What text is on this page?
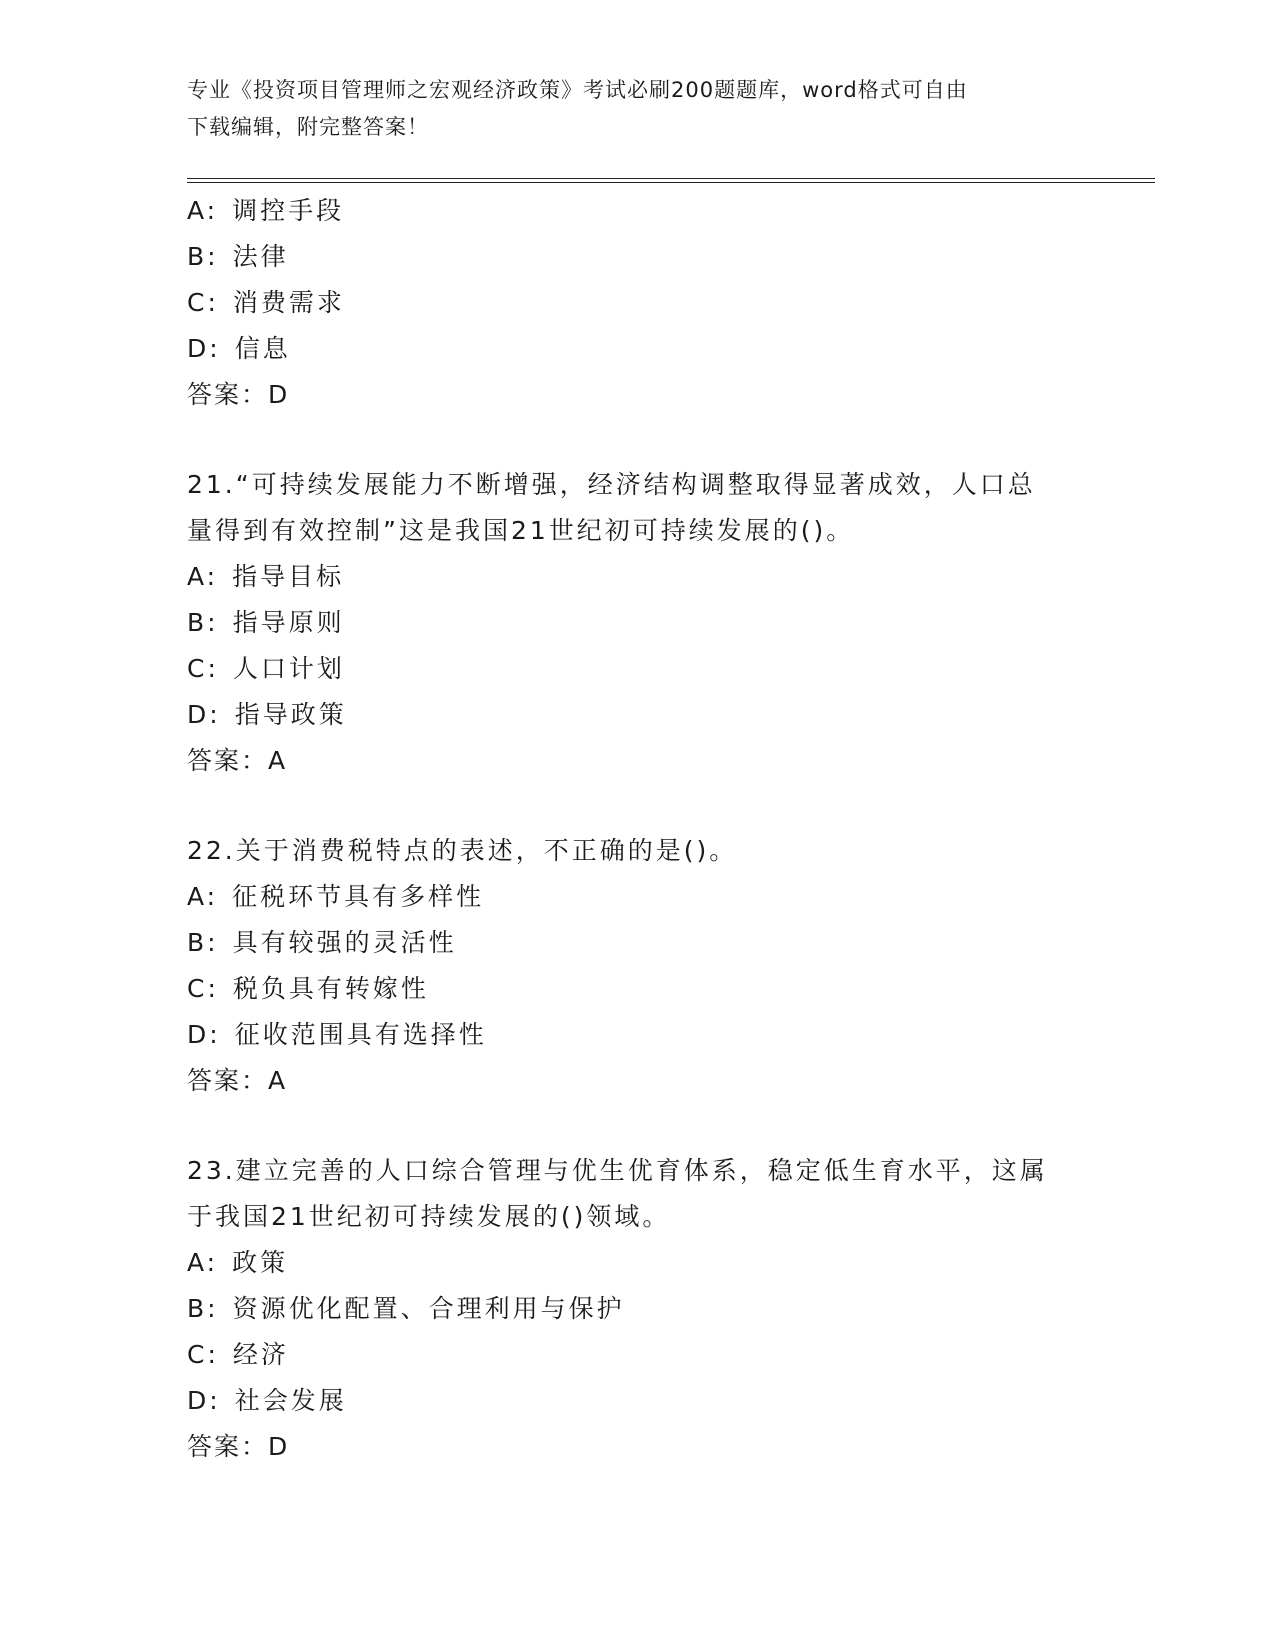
专业《投资项目管理师之宏观经济政策》考试必刷200题题库，word格式可自由
下载编辑，附完整答案！
A: 调控手段
B: 法律
C: 消费需求
D: 信息
答案：D
21.“可持续发展能力不断增强，经济结构调整取得显著成效，人口总
量得到有效控制”这是我国21世纪初可持续发展的()。
A: 指导目标
B: 指导原则
C: 人口计划
D: 指导政策
答案：A
22.关于消费税特点的表述，不正确的是()。
A: 征税环节具有多样性
B: 具有较强的灵活性
C: 税负具有转嫁性
D: 征收范围具有选择性
答案：A
23.建立完善的人口综合管理与优生优育体系，稳定低生育水平，这属
于我国21世纪初可持续发展的()领域。
A: 政策
B: 资源优化配置、合理利用与保护
C: 经济
D: 社会发展
答案：D
